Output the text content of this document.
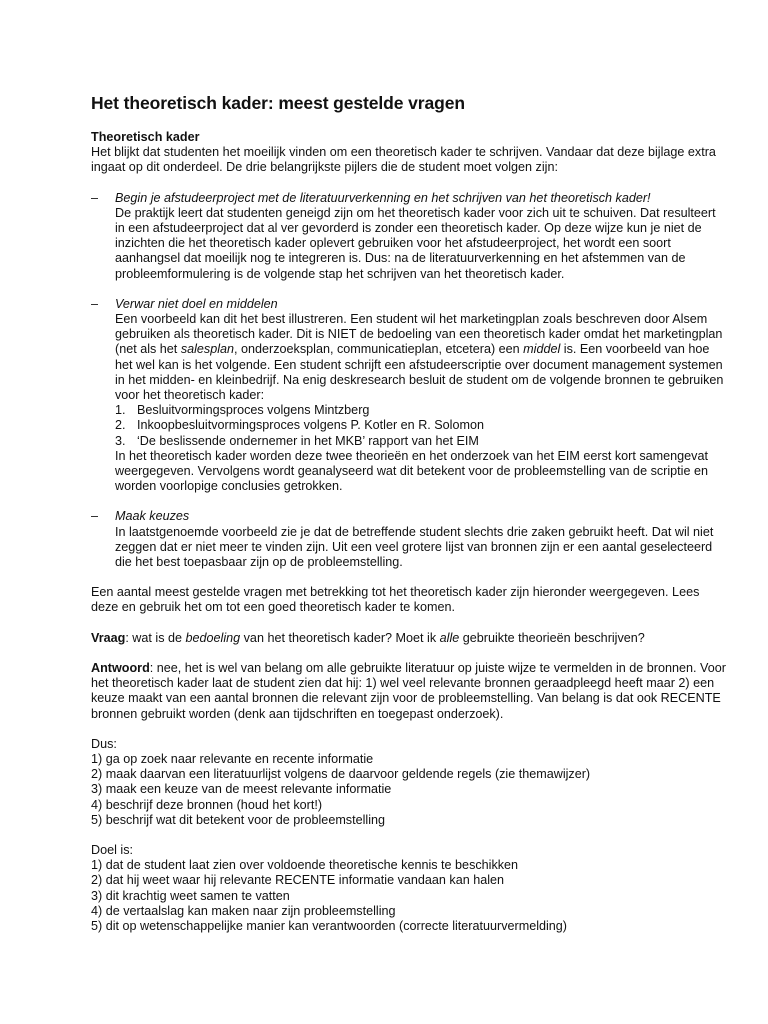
Het theoretisch kader: meest gestelde vragen
Theoretisch kader
Het blijkt dat studenten het moeilijk vinden om een theoretisch kader te schrijven. Vandaar dat deze bijlage extra ingaat op dit onderdeel. De drie belangrijkste pijlers die de student moet volgen zijn:
– Begin je afstudeerproject met de literatuurverkenning en het schrijven van het theoretisch kader!
De praktijk leert dat studenten geneigd zijn om het theoretisch kader voor zich uit te schuiven. Dat resulteert in een afstudeerproject dat al ver gevorderd is zonder een theoretisch kader. Op deze wijze kun je niet de inzichten die het theoretisch kader oplevert gebruiken voor het afstudeerproject, het wordt een soort aanhangsel dat moeilijk nog te integreren is. Dus: na de literatuurverkenning en het afstemmen van de probleemformulering is de volgende stap het schrijven van het theoretisch kader.
– Verwar niet doel en middelen
Een voorbeeld kan dit het best illustreren. Een student wil het marketingplan zoals beschreven door Alsem gebruiken als theoretisch kader. Dit is NIET de bedoeling van een theoretisch kader omdat het marketingplan (net als het salesplan, onderzoeksplan, communicatieplan, etcetera) een middel is. Een voorbeeld van hoe het wel kan is het volgende. Een student schrijft een afstudeerscriptie over document management systemen in het midden- en kleinbedrijf. Na enig deskresearch besluit de student om de volgende bronnen te gebruiken voor het theoretisch kader:
1. Besluitvormingsproces volgens Mintzberg
2. Inkoopbesluitvormingsproces volgens P. Kotler en R. Solomon
3. ‘De beslissende ondernemer in het MKB’ rapport van het EIM
In het theoretisch kader worden deze twee theorieën en het onderzoek van het EIM eerst kort samengevat weergegeven. Vervolgens wordt geanalyseerd wat dit betekent voor de probleemstelling van de scriptie en worden voorlopige conclusies getrokken.
– Maak keuzes
In laatstgenoemde voorbeeld zie je dat de betreffende student slechts drie zaken gebruikt heeft. Dat wil niet zeggen dat er niet meer te vinden zijn. Uit een veel grotere lijst van bronnen zijn er een aantal geselecteerd die het best toepasbaar zijn op de probleemstelling.
Een aantal meest gestelde vragen met betrekking tot het theoretisch kader zijn hieronder weergegeven. Lees deze en gebruik het om tot een goed theoretisch kader te komen.
Vraag: wat is de bedoeling van het theoretisch kader? Moet ik alle gebruikte theorieën beschrijven?
Antwoord: nee, het is wel van belang om alle gebruikte literatuur op juiste wijze te vermelden in de bronnen. Voor het theoretisch kader laat de student zien dat hij: 1) wel veel relevante bronnen geraadpleegd heeft maar 2) een keuze maakt van een aantal bronnen die relevant zijn voor de probleemstelling. Van belang is dat ook RECENTE bronnen gebruikt worden (denk aan tijdschriften en toegepast onderzoek).
Dus:
1) ga op zoek naar relevante en recente informatie
2) maak daarvan een literatuurlijst volgens de daarvoor geldende regels (zie themawijzer)
3) maak een keuze van de meest relevante informatie
4) beschrijf deze bronnen (houd het kort!)
5) beschrijf wat dit betekent voor de probleemstelling
Doel is:
1) dat de student laat zien over voldoende theoretische kennis te beschikken
2) dat hij weet waar hij relevante RECENTE informatie vandaan kan halen
3) dit krachtig weet samen te vatten
4) de vertaalslag kan maken naar zijn probleemstelling
5) dit op wetenschappelijke manier kan verantwoorden (correcte literatuurvermelding)
